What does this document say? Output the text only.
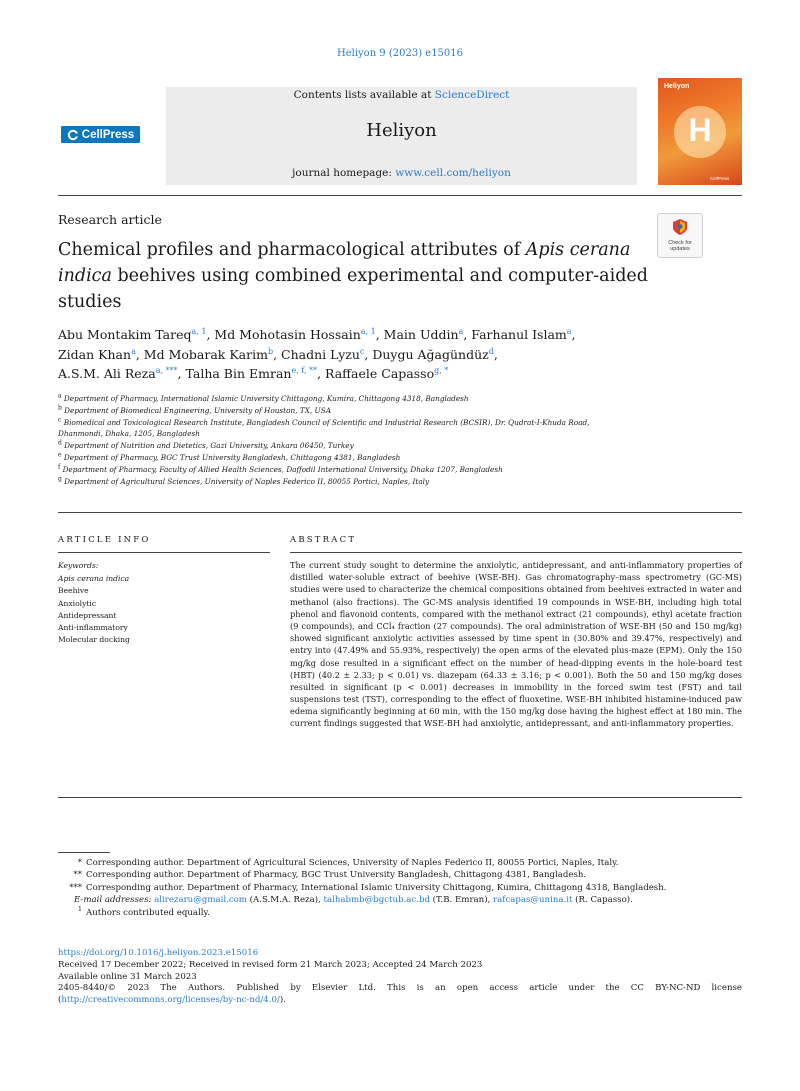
Heliyon 9 (2023) e15016
CellPress
Contents lists available at ScienceDirect
Heliyon
journal homepage: www.cell.com/heliyon
Heliyon
H
CellPress
Research article
Check for updates
Chemical profiles and pharmacological attributes of Apis cerana indica beehives using combined experimental and computer-aided studies
Abu Montakim Tareq$^{a, 1}$, Md Mohotasin Hossain$^{a, 1}$, Main Uddin$^a$, Farhanul Islam$^a$,
Zidan Khan$^a$, Md Mobarak Karim$^b$, Chadni Lyzu$^c$, Duygu Ağagündüz$^d$,
A.S.M. Ali Reza$^{a, ***}$, Talha Bin Emran$^{e, f, **}$, Raffaele Capasso$^{g, *}$
$^a$ Department of Pharmacy, International Islamic University Chittagong, Kumira, Chittagong 4318, Bangladesh
$^b$ Department of Biomedical Engineering, University of Houston, TX, USA
$^c$ Biomedical and Toxicological Research Institute, Bangladesh Council of Scientific and Industrial Research (BCSIR), Dr. Qudrat-I-Khuda Road,
Dhanmondi, Dhaka, 1205, Bangladesh
$^d$ Department of Nutrition and Dietetics, Gazi University, Ankara 06450, Turkey
$^e$ Department of Pharmacy, BGC Trust University Bangladesh, Chittagong 4381, Bangladesh
$^f$ Department of Pharmacy, Faculty of Allied Health Sciences, Daffodil International University, Dhaka 1207, Bangladesh
$^g$ Department of Agricultural Sciences, University of Naples Federico II, 80055 Portici, Naples, Italy
ARTICLE INFO
Keywords:
Apis cerana indica
Beehive
Anxiolytic
Antidepressant
Anti-inflammatory
Molecular docking
ABSTRACT

The current study sought to determine the anxiolytic, antidepressant, and anti-inflammatory properties of distilled water-soluble extract of beehive (WSE-BH). Gas chromatography–mass spectrometry (GC-MS) studies were used to characterize the chemical compositions obtained from beehives extracted in water and methanol (also fractions). The GC-MS analysis identified 19 compounds in WSE-BH, including high total phenol and flavonoid contents, compared with the methanol extract (21 compounds), ethyl acetate fraction (9 compounds), and CCl₄ fraction (27 compounds). The oral administration of WSE-BH (50 and 150 mg/kg) showed significant anxiolytic activities assessed by time spent in (30.80% and 39.47%, respectively) and entry into (47.49% and 55.93%, respectively) the open arms of the elevated plus-maze (EPM). Only the 150 mg/kg dose resulted in a significant effect on the number of head-dipping events in the hole-board test (HBT) (40.2 ± 2.33; p < 0.01) vs. diazepam (64.33 ± 3.16; p < 0.001). Both the 50 and 150 mg/kg doses resulted in significant (p < 0.001) decreases in immobility in the forced swim test (FST) and tail suspensions test (TST), corresponding to the effect of fluoxetine. WSE-BH inhibited histamine-induced paw edema significantly beginning at 60 min, with the 150 mg/kg dose having the highest effect at 180 min. The current findings suggested that WSE-BH had anxiolytic, antidepressant, and anti-inflammatory properties.

* Corresponding author. Department of Agricultural Sciences, University of Naples Federico II, 80055 Portici, Naples, Italy.
** Corresponding author. Department of Pharmacy, BGC Trust University Bangladesh, Chittagong 4381, Bangladesh.
*** Corresponding author. Department of Pharmacy, International Islamic University Chittagong, Kumira, Chittagong 4318, Bangladesh.
E-mail addresses: alirezaru@gmail.com (A.S.M.A. Reza), talhabmb@bgctub.ac.bd (T.B. Emran), rafcapas@unina.it (R. Capasso).
1 Authors contributed equally.
https://doi.org/10.1016/j.heliyon.2023.e15016
Received 17 December 2022; Received in revised form 21 March 2023; Accepted 24 March 2023
Available online 31 March 2023
2405-8440/© 2023 The Authors. Published by Elsevier Ltd. This is an open access article under the CC BY-NC-ND license
(http://creativecommons.org/licenses/by-nc-nd/4.0/).
